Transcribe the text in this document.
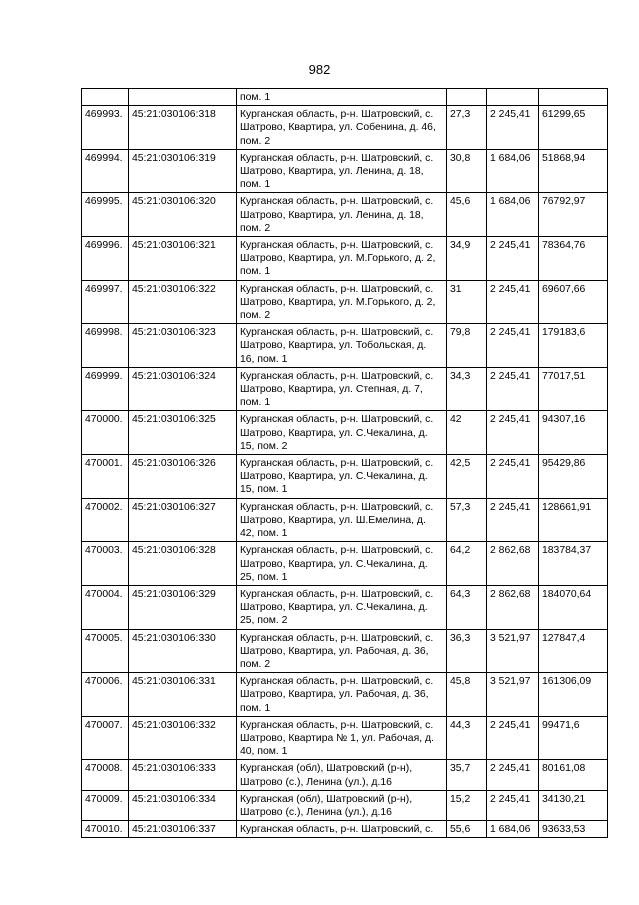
982
		пом. 1			
469993.	45:21:030106:318	Курганская область, р-н. Шатровский, с. Шатрово, Квартира, ул. Собенина, д. 46, пом. 2	27,3	2 245,41	61299,65
469994.	45:21:030106:319	Курганская область, р-н. Шатровский, с. Шатрово, Квартира, ул. Ленина, д. 18, пом. 1	30,8	1 684,06	51868,94
469995.	45:21:030106:320	Курганская область, р-н. Шатровский, с. Шатрово, Квартира, ул. Ленина, д. 18, пом. 2	45,6	1 684,06	76792,97
469996.	45:21:030106:321	Курганская область, р-н. Шатровский, с. Шатрово, Квартира, ул. М.Горького, д. 2, пом. 1	34,9	2 245,41	78364,76
469997.	45:21:030106:322	Курганская область, р-н. Шатровский, с. Шатрово, Квартира, ул. М.Горького, д. 2, пом. 2	31	2 245,41	69607,66
469998.	45:21:030106:323	Курганская область, р-н. Шатровский, с. Шатрово, Квартира, ул. Тобольская, д. 16, пом. 1	79,8	2 245,41	179183,6
469999.	45:21:030106:324	Курганская область, р-н. Шатровский, с. Шатрово, Квартира, ул. Степная, д. 7, пом. 1	34,3	2 245,41	77017,51
470000.	45:21:030106:325	Курганская область, р-н. Шатровский, с. Шатрово, Квартира, ул. С.Чекалина, д. 15, пом. 2	42	2 245,41	94307,16
470001.	45:21:030106:326	Курганская область, р-н. Шатровский, с. Шатрово, Квартира, ул. С.Чекалина, д. 15, пом. 1	42,5	2 245,41	95429,86
470002.	45:21:030106:327	Курганская область, р-н. Шатровский, с. Шатрово, Квартира, ул. Ш.Емелина, д. 42, пом. 1	57,3	2 245,41	128661,91
470003.	45:21:030106:328	Курганская область, р-н. Шатровский, с. Шатрово, Квартира, ул. С.Чекалина, д. 25, пом. 1	64,2	2 862,68	183784,37
470004.	45:21:030106:329	Курганская область, р-н. Шатровский, с. Шатрово, Квартира, ул. С.Чекалина, д. 25, пом. 2	64,3	2 862,68	184070,64
470005.	45:21:030106:330	Курганская область, р-н. Шатровский, с. Шатрово, Квартира, ул. Рабочая, д. 36, пом. 2	36,3	3 521,97	127847,4
470006.	45:21:030106:331	Курганская область, р-н. Шатровский, с. Шатрово, Квартира, ул. Рабочая, д. 36, пом. 1	45,8	3 521,97	161306,09
470007.	45:21:030106:332	Курганская область, р-н. Шатровский, с. Шатрово, Квартира № 1, ул. Рабочая, д. 40, пом. 1	44,3	2 245,41	99471,6
470008.	45:21:030106:333	Курганская (обл), Шатровский (р-н), Шатрово (с.), Ленина (ул.), д.16	35,7	2 245,41	80161,08
470009.	45:21:030106:334	Курганская (обл), Шатровский (р-н), Шатрово (с.), Ленина (ул.), д.16	15,2	2 245,41	34130,21
470010.	45:21:030106:337	Курганская область, р-н. Шатровский, с.	55,6	1 684,06	93633,53
